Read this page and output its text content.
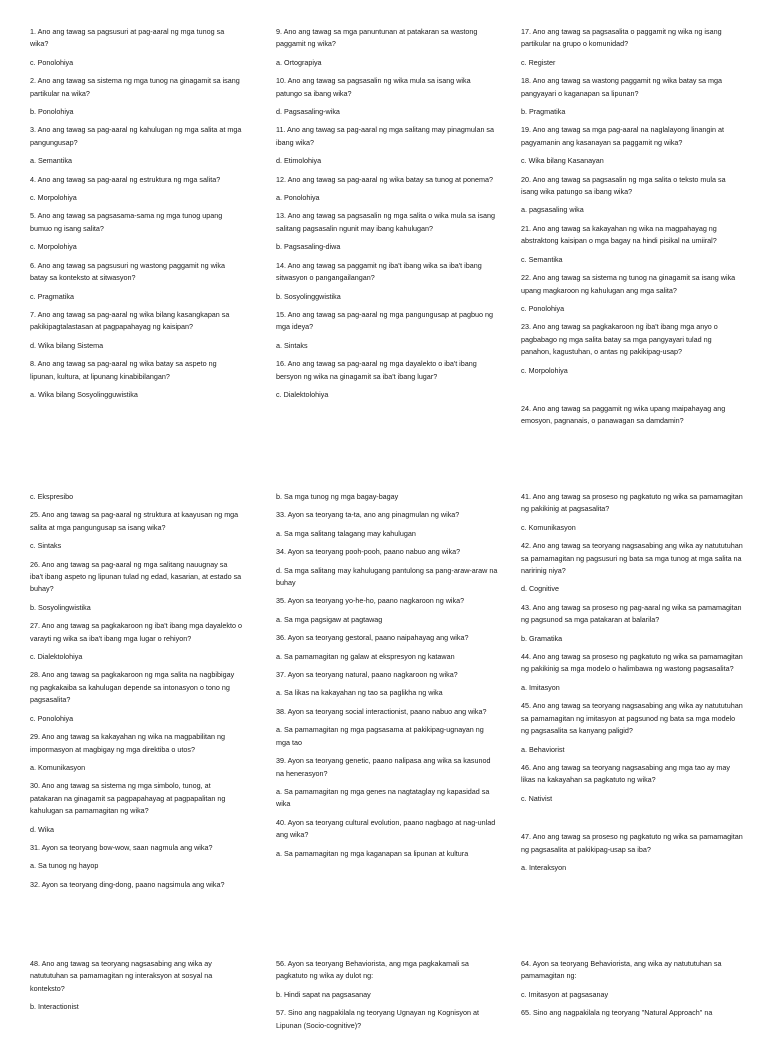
1. Ano ang tawag sa pagsusuri at pag-aaral ng mga tunog sa wika?

c. Ponolohiya

2. Ano ang tawag sa sistema ng mga tunog na ginagamit sa isang partikular na wika?

b. Ponolohiya

3. Ano ang tawag sa pag-aaral ng kahulugan ng mga salita at mga pangungusap?

a. Semantika

4. Ano ang tawag sa pag-aaral ng estruktura ng mga salita?

c. Morpolohiya

5. Ano ang tawag sa pagsasama-sama ng mga tunog upang bumuo ng isang salita?

c. Morpolohiya

6. Ano ang tawag sa pagsusuri ng wastong paggamit ng wika batay sa konteksto at sitwasyon?

c. Pragmatika

7. Ano ang tawag sa pag-aaral ng wika bilang kasangkapan sa pakikipagtalastasan at pagpapahayag ng kaisipan?

d. Wika bilang Sistema

8. Ano ang tawag sa pag-aaral ng wika batay sa aspeto ng lipunan, kultura, at lipunang kinabibilangan?

a. Wika bilang Sosyolingguwistika

9. Ano ang tawag sa mga panuntunan at patakaran sa wastong paggamit ng wika?

a. Ortograpiya

10. Ano ang tawag sa pagsasalin ng wika mula sa isang wika patungo sa ibang wika?

d. Pagsasaling-wika

11. Ano ang tawag sa pag-aaral ng mga salitang may pinagmulan sa ibang wika?

d. Etimolohiya

12. Ano ang tawag sa pag-aaral ng wika batay sa tunog at ponema?

a. Ponolohiya

13. Ano ang tawag sa pagsasalin ng mga salita o wika mula sa isang salitang pagsasalin ngunit may ibang kahulugan?

b. Pagsasaling-diwa

14. Ano ang tawag sa paggamit ng iba't ibang wika sa iba't ibang sitwasyon o pangangailangan?

b. Sosyolinggwistika

15. Ano ang tawag sa pag-aaral ng mga pangungusap at pagbuo ng mga ideya?

a. Sintaks

16. Ano ang tawag sa pag-aaral ng mga dayalekto o iba't ibang bersyon ng wika na ginagamit sa iba't ibang lugar?

c. Dialektolohiya

17. Ano ang tawag sa pagsasalita o paggamit ng wika ng isang partikular na grupo o komunidad?

c. Register

18. Ano ang tawag sa wastong paggamit ng wika batay sa mga pangyayari o kaganapan sa lipunan?

b. Pragmatika

19. Ano ang tawag sa mga pag-aaral na naglalayong linangin at pagyamanin ang kasanayan sa paggamit ng wika?

c. Wika bilang Kasanayan

20. Ano ang tawag sa pagsasalin ng mga salita o teksto mula sa isang wika patungo sa ibang wika?

a. pagsasaling wika

21. Ano ang tawag sa kakayahan ng wika na magpahayag ng abstraktong kaisipan o mga bagay na hindi pisikal na umiiral?

c. Semantika

22. Ano ang tawag sa sistema ng tunog na ginagamit sa isang wika upang magkaroon ng kahulugan ang mga salita?

c. Ponolohiya

23. Ano ang tawag sa pagkakaroon ng iba't ibang mga anyo o pagbabago ng mga salita batay sa mga pangyayari tulad ng panahon, kagustuhan, o antas ng pakikipag-usap?

c. Morpolohiya

24. Ano ang tawag sa paggamit ng wika upang maipahayag ang emosyon, pagnanais, o panawagan sa damdamin?

c. Ekspresibo

25. Ano ang tawag sa pag-aaral ng struktura at kaayusan ng mga salita at mga pangungusap sa isang wika?

c. Sintaks

26. Ano ang tawag sa pag-aaral ng mga salitang nauugnay sa iba't ibang aspeto ng lipunan tulad ng edad, kasarian, at estado sa buhay?

b. Sosyolingwistika

27. Ano ang tawag sa pagkakaroon ng iba't ibang mga dayalekto o varayti ng wika sa iba't ibang mga lugar o rehiyon?

c. Dialektolohiya

28. Ano ang tawag sa pagkakaroon ng mga salita na nagbibigay ng pagkakaiba sa kahulugan depende sa intonasyon o tono ng pagsasalita?

c. Ponolohiya

29. Ano ang tawag sa kakayahan ng wika na magpabilitan ng impormasyon at magbigay ng mga direktiba o utos?

a. Komunikasyon

30. Ano ang tawag sa sistema ng mga simbolo, tunog, at patakaran na ginagamit sa pagpapahayag at pagpapalitan ng kahulugan sa pamamagitan ng wika?

d. Wika

31. Ayon sa teoryang bow-wow, saan nagmula ang wika?

a. Sa tunog ng hayop

32. Ayon sa teoryang ding-dong, paano nagsimula ang wika?

b. Sa mga tunog ng mga bagay-bagay

33. Ayon sa teoryang ta-ta, ano ang pinagmulan ng wika?

a. Sa mga salitang talagang may kahulugan

34. Ayon sa teoryang pooh-pooh, paano nabuo ang wika?

d. Sa mga salitang may kahulugang pantulong sa pang-araw-araw na buhay

35. Ayon sa teoryang yo-he-ho, paano nagkaroon ng wika?

a. Sa mga pagsigaw at pagtawag

36. Ayon sa teoryang gestoral, paano naipahayag ang wika?

a. Sa pamamagitan ng galaw at ekspresyon ng katawan

37. Ayon sa teoryang natural, paano nagkaroon ng wika?

a. Sa likas na kakayahan ng tao sa paglikha ng wika

38. Ayon sa teoryang social interactionist, paano nabuo ang wika?

a. Sa pamamagitan ng mga pagsasama at pakikipag-ugnayan ng mga tao

39. Ayon sa teoryang genetic, paano nalipasa ang wika sa kasunod na henerasyon?

a. Sa pamamagitan ng mga genes na nagtataglay ng kapasidad sa wika

40. Ayon sa teoryang cultural evolution, paano nagbago at nag-unlad ang wika?

a. Sa pamamagitan ng mga kaganapan sa lipunan at kultura

41. Ano ang tawag sa proseso ng pagkatuto ng wika sa pamamagitan ng pakikinig at pagsasalita?

c. Komunikasyon

42. Ano ang tawag sa teoryang nagsasabing ang wika ay natututuhan sa pamamagitan ng pagsusuri ng bata sa mga tunog at mga salita na naririnig niya?

d. Cognitive

43. Ano ang tawag sa proseso ng pag-aaral ng wika sa pamamagitan ng pagsunod sa mga patakaran at balarila?

b. Gramatika

44. Ano ang tawag sa proseso ng pagkatuto ng wika sa pamamagitan ng pakikinig sa mga modelo o halimbawa ng wastong pagsasalita?

a. Imitasyon

45. Ano ang tawag sa teoryang nagsasabing ang wika ay natututuhan sa pamamagitan ng imitasyon at pagsunod ng bata sa mga modelo ng pagsasalita sa kanyang paligid?

a. Behaviorist

46. Ano ang tawag sa teoryang nagsasabing ang mga tao ay may likas na kakayahan sa pagkatuto ng wika?

c. Nativist

47. Ano ang tawag sa proseso ng pagkatuto ng wika sa pamamagitan ng pagsasalita at pakikipag-usap sa iba?

a. Interaksyon

48. Ano ang tawag sa teoryang nagsasabing ang wika ay natututuhan sa pamamagitan ng interaksyon at sosyal na konteksto?

b. Interactionist

56. Ayon sa teoryang Behaviorista, ang mga pagkakamali sa pagkatuto ng wika ay dulot ng:

b. Hindi sapat na pagsasanay

57. Sino ang nagpakilala ng teoryang Ugnayan ng Kognisyon at Lipunan (Socio-cognitive)?

64. Ayon sa teoryang Behaviorista, ang wika ay natututuhan sa pamamagitan ng:

c. Imitasyon at pagsasanay

65. Sino ang nagpakilala ng teoryang "Natural Approach" na
